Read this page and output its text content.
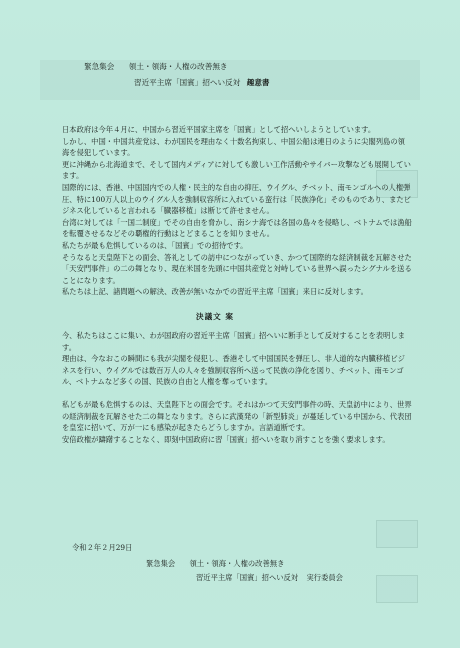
緊急集会 領土・領海・人権の改善無き
習近平主席「国賓」招へい反対 趣意書

日本政府は今年４月に、中国から習近平国家主席を「国賓」として招へいしようとしています。

しかし、中国・中国共産党は、わが国民を理由なく十数名拘束し、中国公船は連日のように尖閣列島の領海を侵犯しています。

更に沖縄から北海道まで、そして国内メディアに対しても激しい工作活動やサイバー攻撃なども展開しています。

国際的には、香港、中国国内での人権・民主的な自由の抑圧、ウイグル、チベット、南モンゴルへの人権弾圧、特に100万人以上のウイグル人を強制収容所に入れている蛮行は「民族浄化」そのものであり、またビジネス化していると言われる「臓器移植」は断じて許せません。

台湾に対しては「一国二制度」でその自由を脅かし、南シナ海では各国の島々を侵略し、ベトナムでは漁船を転覆させるなどその覇権的行動はとどまることを知りません。

私たちが最も危惧しているのは、「国賓」での招待です。

そうなると天皇陛下との面会、答礼としての訪中につながっていき、かつて国際的な経済制裁を瓦解させた「天安門事件」の二の舞となり、現在米国を先頭に中国共産党と対峙している世界へ誤ったシグナルを送ることになります。

私たちは上記、諸問題への解決、改善が無いなかでの習近平主席「国賓」来日に反対します。

決議文 案

今、私たちはここに集い、わが国政府の習近平主席「国賓」招へいに断手として反対することを表明します。

理由は、今なおこの瞬間にも我が尖閣を侵犯し、香港そして中国国民を弾圧し、非人道的な内臓移植ビジネスを行い、ウイグルでは数百万人の人々を強制収容所へ送って民族の浄化を図り、チベット、南モンゴル、ベトナムなど多くの国、民族の自由と人権を奪っています。

私どもが最も危惧するのは、天皇陛下との面会です。それはかつて天安門事件の時、天皇訪中により、世界の経済制裁を瓦解させた二の舞となります。さらに武漢発の「新型肺炎」が蔓延している中国から、代表団を皇室に招いて、万が一にも感染が起きたらどうしますか。言語道断です。

安倍政権が躊躇することなく、即刻中国政府に習「国賓」招へいを取り消すことを強く要求します。

令和２年２月29日
緊急集会 領土・領海・人権の改善無き
習近平主席「国賓」招へい反対 実行委員会
